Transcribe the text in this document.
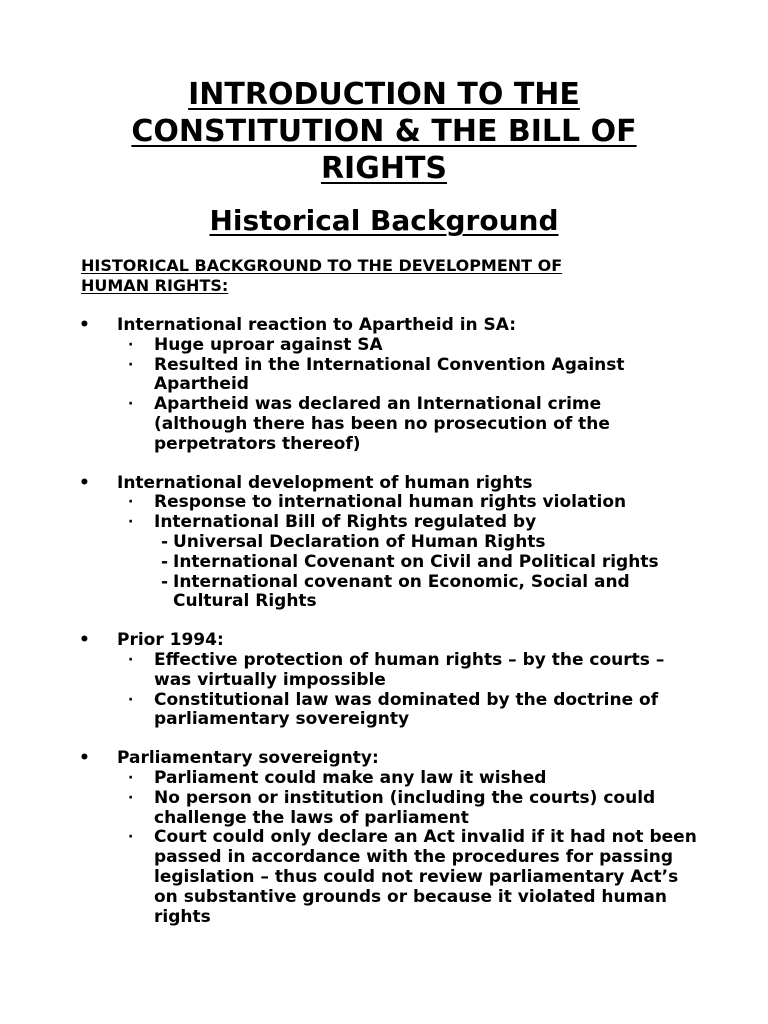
INTRODUCTION TO THE
CONSTITUTION & THE BILL OF
RIGHTS
Historical Background
HISTORICAL BACKGROUND TO THE DEVELOPMENT OF
HUMAN RIGHTS:
• International reaction to Apartheid in SA:
· Huge uproar against SA
· Resulted in the International Convention Against Apartheid
· Apartheid was declared an International crime (although there has been no prosecution of the perpetrators thereof)
• International development of human rights
· Response to international human rights violation
· International Bill of Rights regulated by
- Universal Declaration of Human Rights
- International Covenant on Civil and Political rights
- International covenant on Economic, Social and Cultural Rights
• Prior 1994:
· Effective protection of human rights – by the courts – was virtually impossible
· Constitutional law was dominated by the doctrine of parliamentary sovereignty
• Parliamentary sovereignty:
· Parliament could make any law it wished
· No person or institution (including the courts) could challenge the laws of parliament
· Court could only declare an Act invalid if it had not been passed in accordance with the procedures for passing legislation – thus could not review parliamentary Act’s on substantive grounds or because it violated human rights
